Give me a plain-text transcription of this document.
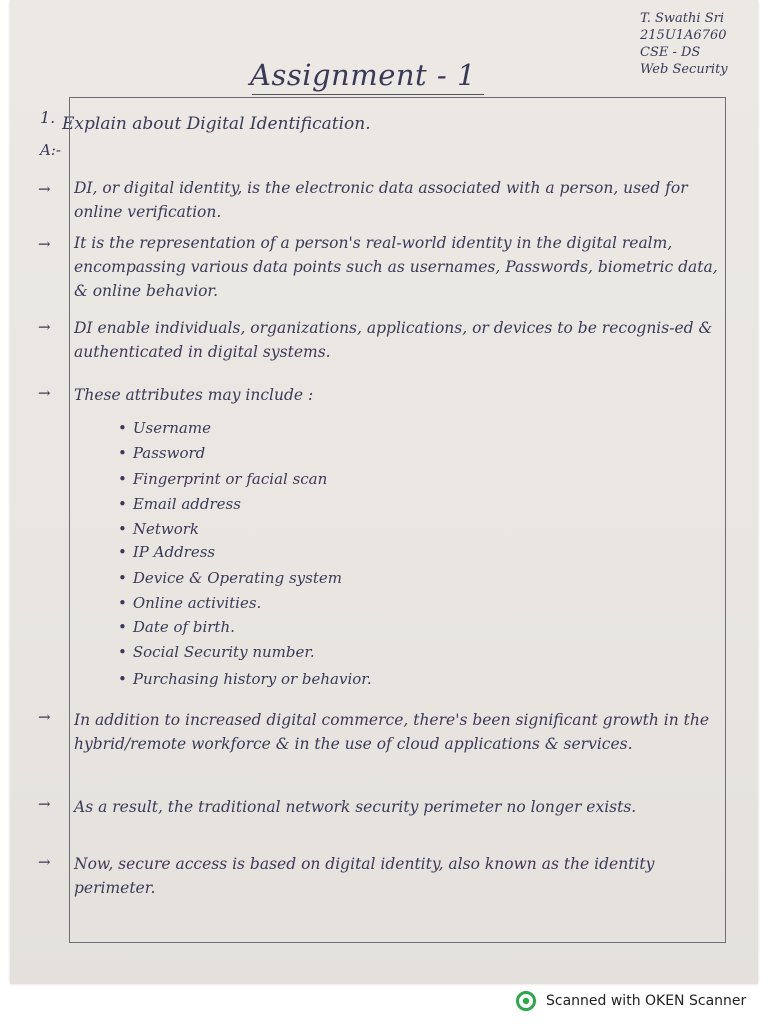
T. Swathi Sri
215U1A6760
CSE - DS
Web Security
Assignment - 1
1. Explain about Digital Identification.
A:-
→ DI, or digital identity, is the electronic data associated with a person, used for online verification.
→ It is the representation of a person's real-world identity in the digital realm, encompassing various data points such as usernames, Passwords, biometric data, & online behavior.
→ DI enable individuals, organizations, applications, or devices to be recognis-ed & authenticated in digital systems.
→ These attributes may include :
• Username
• Password
• Fingerprint or facial scan
• Email address
• Network
• IP Address
• Device & Operating system
• Online activities.
• Date of birth.
• Social Security number.
• Purchasing history or behavior.
→ In addition to increased digital commerce, there's been significant growth in the hybrid/remote workforce & in the use of cloud applications & services.
→ As a result, the traditional network security perimeter no longer exists.
→ Now, secure access is based on digital identity, also known as the identity perimeter.
Scanned with OKEN Scanner
